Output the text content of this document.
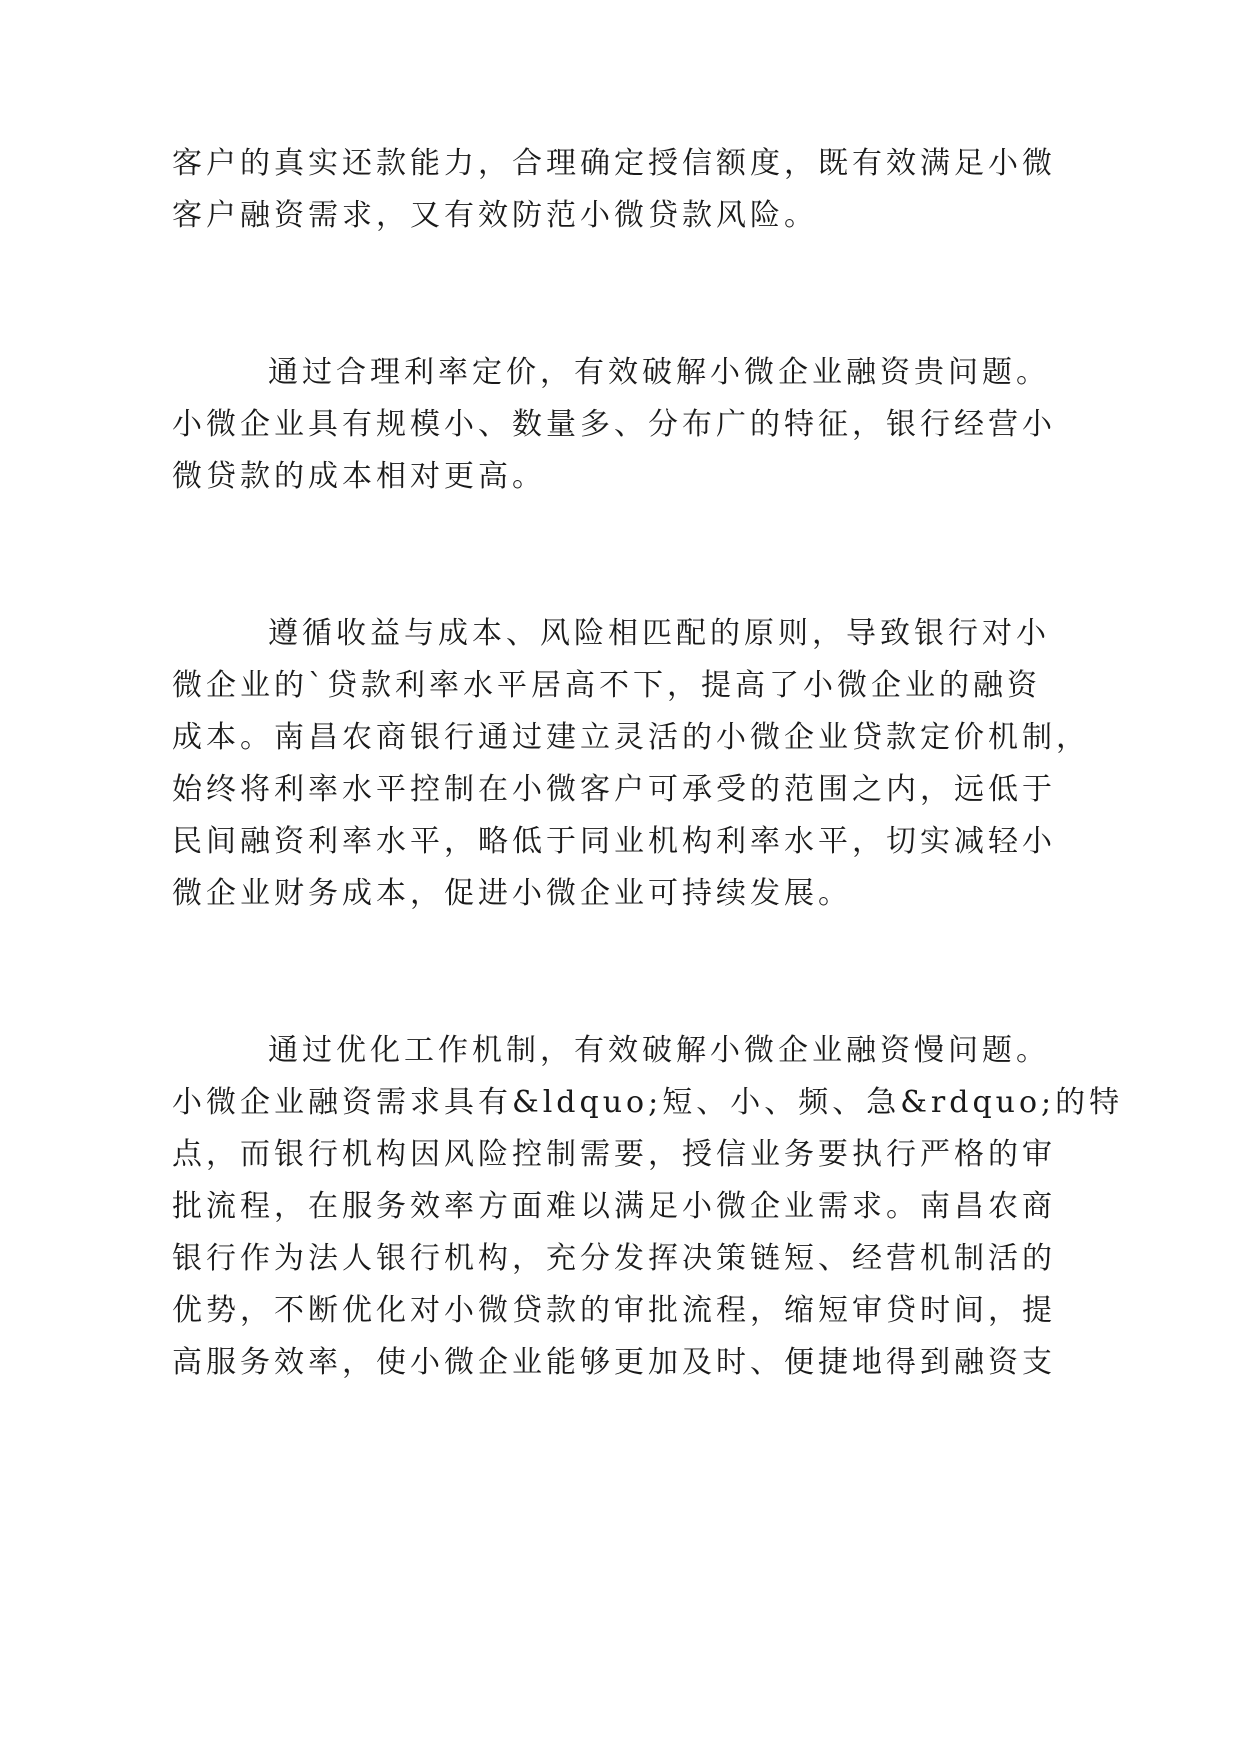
客户的真实还款能力，合理确定授信额度，既有效满足小微

客户融资需求，又有效防范小微贷款风险。

通过合理利率定价，有效破解小微企业融资贵问题。

小微企业具有规模小、数量多、分布广的特征，银行经营小

微贷款的成本相对更高。

遵循收益与成本、风险相匹配的原则，导致银行对小

微企业的`贷款利率水平居高不下，提高了小微企业的融资

成本。南昌农商银行通过建立灵活的小微企业贷款定价机制，

始终将利率水平控制在小微客户可承受的范围之内，远低于

民间融资利率水平，略低于同业机构利率水平，切实减轻小

微企业财务成本，促进小微企业可持续发展。

通过优化工作机制，有效破解小微企业融资慢问题。

小微企业融资需求具有&ldquo;短、小、频、急&rdquo;的特

点，而银行机构因风险控制需要，授信业务要执行严格的审

批流程，在服务效率方面难以满足小微企业需求。南昌农商

银行作为法人银行机构，充分发挥决策链短、经营机制活的

优势，不断优化对小微贷款的审批流程，缩短审贷时间，提

高服务效率，使小微企业能够更加及时、便捷地得到融资支
